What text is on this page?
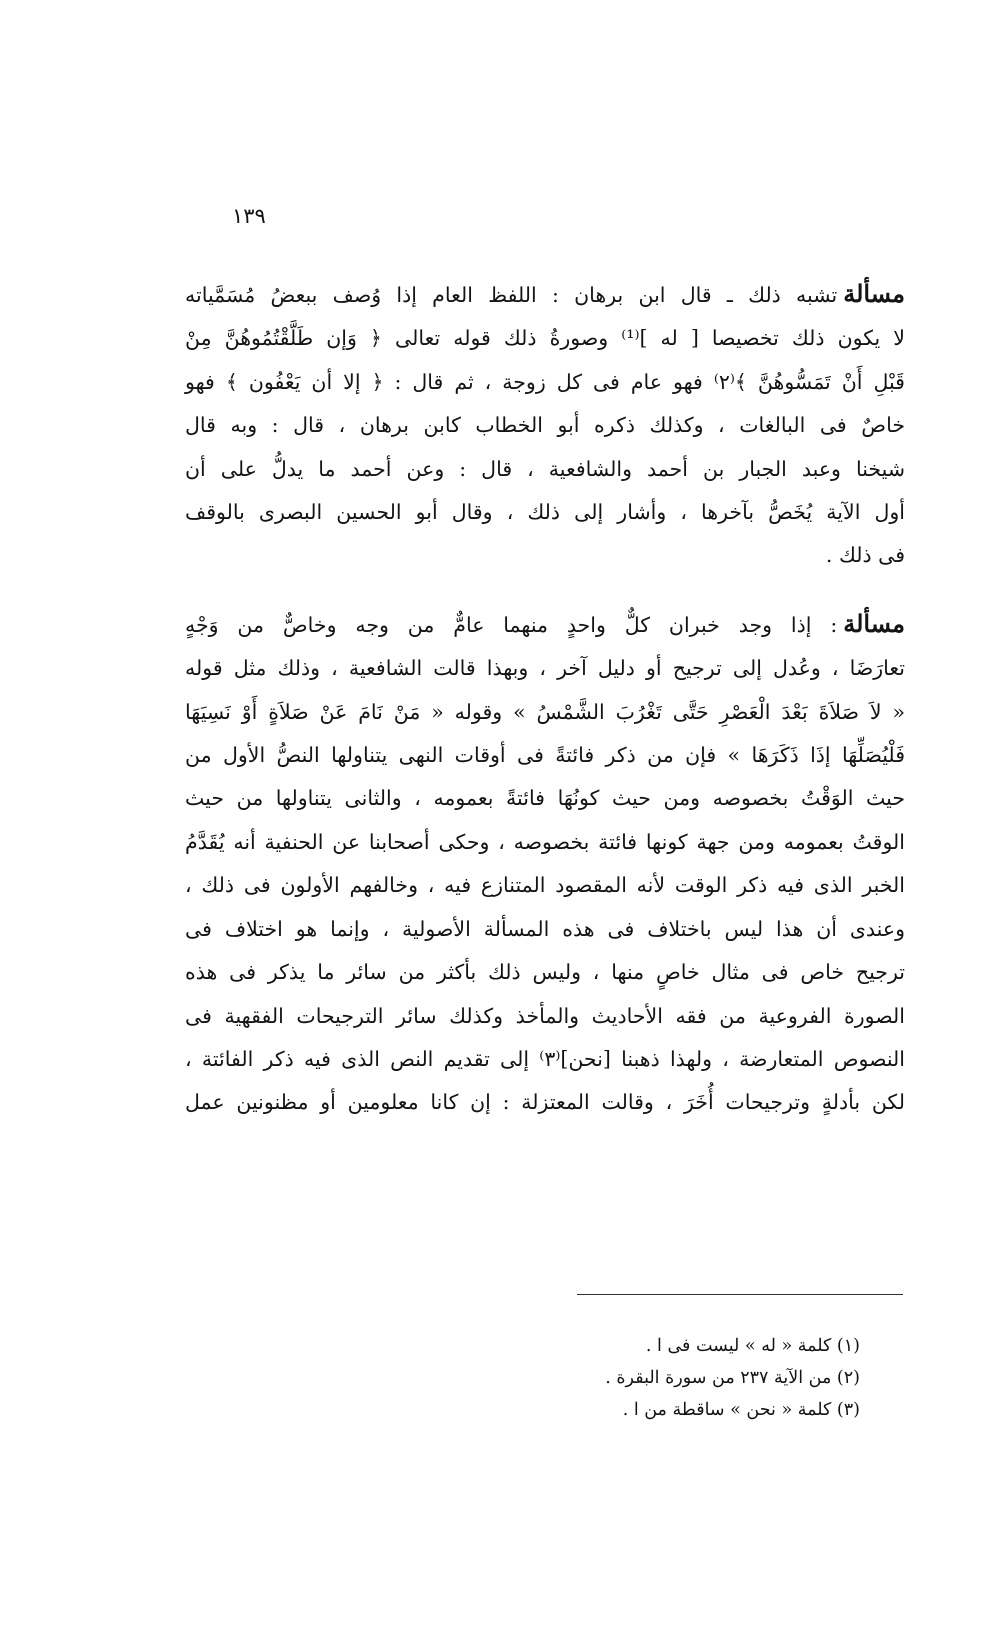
١٣٩

مسألةتشبه ذلك ـ قال ابن برهان : اللفظ العام إذا وُصف ببعضُ مُسَمَّياته
لا يكون ذلك تخصيصا [ له ]⁽¹⁾ وصورةُ ذلك قوله تعالى ﴿ وَإن طَلَّقْتُمُوهُنَّ مِنْ
قَبْلِ أَنْ تَمَسُّوهُنَّ ﴾⁽٢⁾ فهو عام فى كل زوجة ، ثم قال : ﴿ إلا أن يَعْفُون ﴾ فهو
خاصٌ فى البالغات ، وكذلك ذكره أبو الخطاب كابن برهان ، قال : وبه قال
شيخنا وعبد الجبار بن أحمد والشافعية ، قال : وعن أحمد ما يدلُّ على أن
أول الآية يُخَصُّ بآخرها ، وأشار إلى ذلك ، وقال أبو الحسين البصرى بالوقف
فى ذلك .

مسألة: إذا وجد خبران كلٌّ واحدٍ منهما عامٌّ من وجه وخاصٌّ من وَجْهٍ
تعارَضَا ، وعُدل إلى ترجيح أو دليل آخر ، وبهذا قالت الشافعية ، وذلك مثل قوله
« لاَ صَلاَةَ بَعْدَ الْعَصْرِ حَتَّى تَغْرُبَ الشَّمْسُ » وقوله « مَنْ نَامَ عَنْ صَلاَةٍ أَوْ نَسِيَهَا
فَلْيُصَلِّهَا إذَا ذَكَرَهَا » فإن من ذكر فائتةً فى أوقات النهى يتناولها النصُّ الأول من
حيث الوَقْتُ بخصوصه ومن حيث كونُهَا فائتةً بعمومه ، والثانى يتناولها من حيث
الوقتُ بعمومه ومن جهة كونها فائتة بخصوصه ، وحكى أصحابنا عن الحنفية أنه يُقَدَّمُ
الخبر الذى فيه ذكر الوقت لأنه المقصود المتنازع فيه ، وخالفهم الأولون فى ذلك ،
وعندى أن هذا ليس باختلاف فى هذه المسألة الأصولية ، وإنما هو اختلاف فى
ترجيح خاص فى مثال خاصٍ منها ، وليس ذلك بأكثر من سائر ما يذكر فى هذه
الصورة الفروعية من فقه الأحاديث والمأخذ وكذلك سائر الترجيحات الفقهية فى
النصوص المتعارضة ، ولهذا ذهبنا [نحن]⁽٣⁾ إلى تقديم النص الذى فيه ذكر الفائتة ،
لكن بأدلةٍ وترجيحات أُخَرَ ، وقالت المعتزلة : إن كانا معلومين أو مظنونين عمل

(١) كلمة « له » ليست فى ا .
(٢) من الآية ٢٣٧ من سورة البقرة .
(٣) كلمة « نحن » ساقطة من ا .
